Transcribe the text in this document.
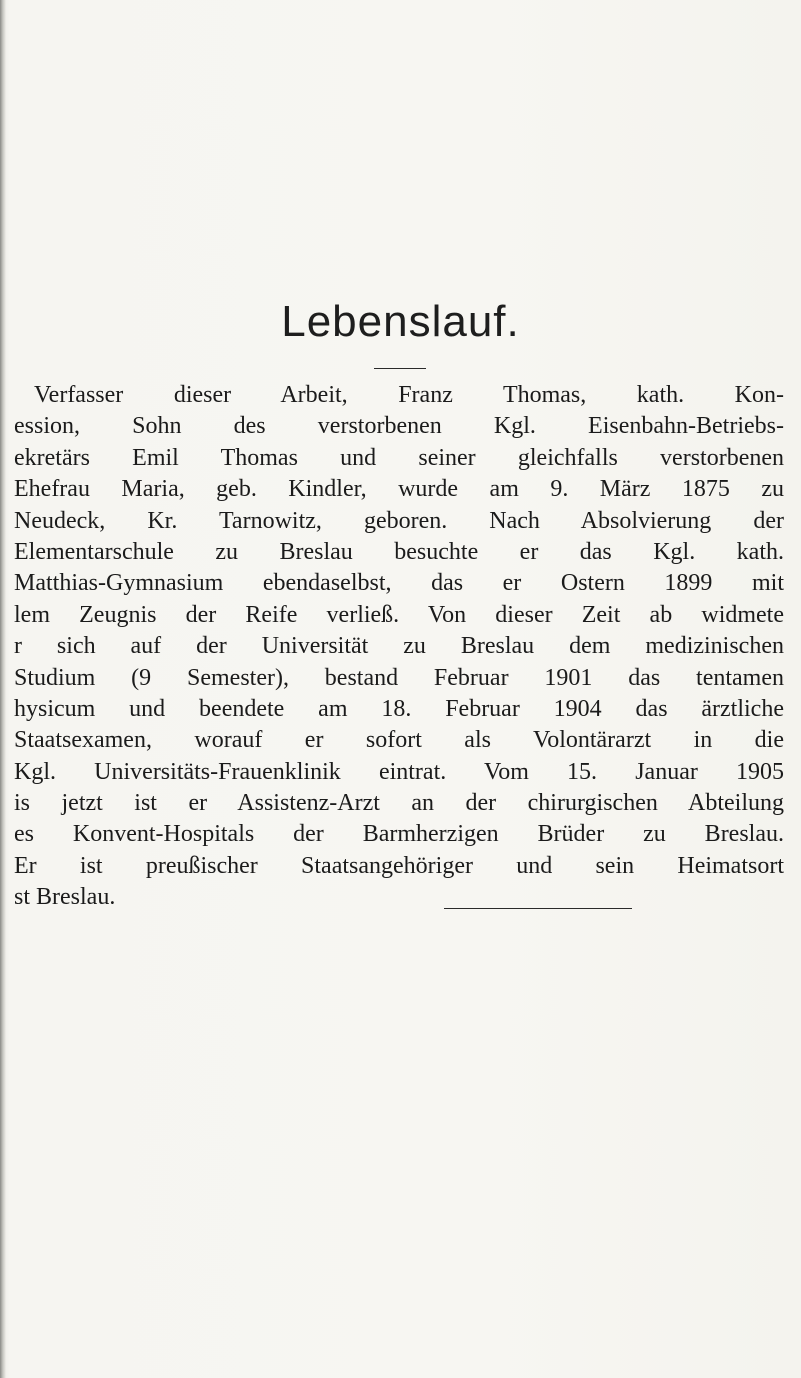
Lebenslauf.
Verfasser dieser Arbeit, Franz Thomas, kath. Kon-
ession, Sohn des verstorbenen Kgl. Eisenbahn-Betriebs-
ekretärs Emil Thomas und seiner gleichfalls verstorbenen
Ehefrau Maria, geb. Kindler, wurde am 9. März 1875 zu
Neudeck, Kr. Tarnowitz, geboren. Nach Absolvierung der
Elementarschule zu Breslau besuchte er das Kgl. kath.
Matthias-Gymnasium ebendaselbst, das er Ostern 1899 mit
lem Zeugnis der Reife verließ. Von dieser Zeit ab widmete
r sich auf der Universität zu Breslau dem medizinischen
Studium (9 Semester), bestand Februar 1901 das tentamen
hysicum und beendete am 18. Februar 1904 das ärztliche
Staatsexamen, worauf er sofort als Volontärarzt in die
Kgl. Universitäts-Frauenklinik eintrat. Vom 15. Januar 1905
is jetzt ist er Assistenz-Arzt an der chirurgischen Abteilung
es Konvent-Hospitals der Barmherzigen Brüder zu Breslau.
Er ist preußischer Staatsangehöriger und sein Heimatsort
st Breslau.
